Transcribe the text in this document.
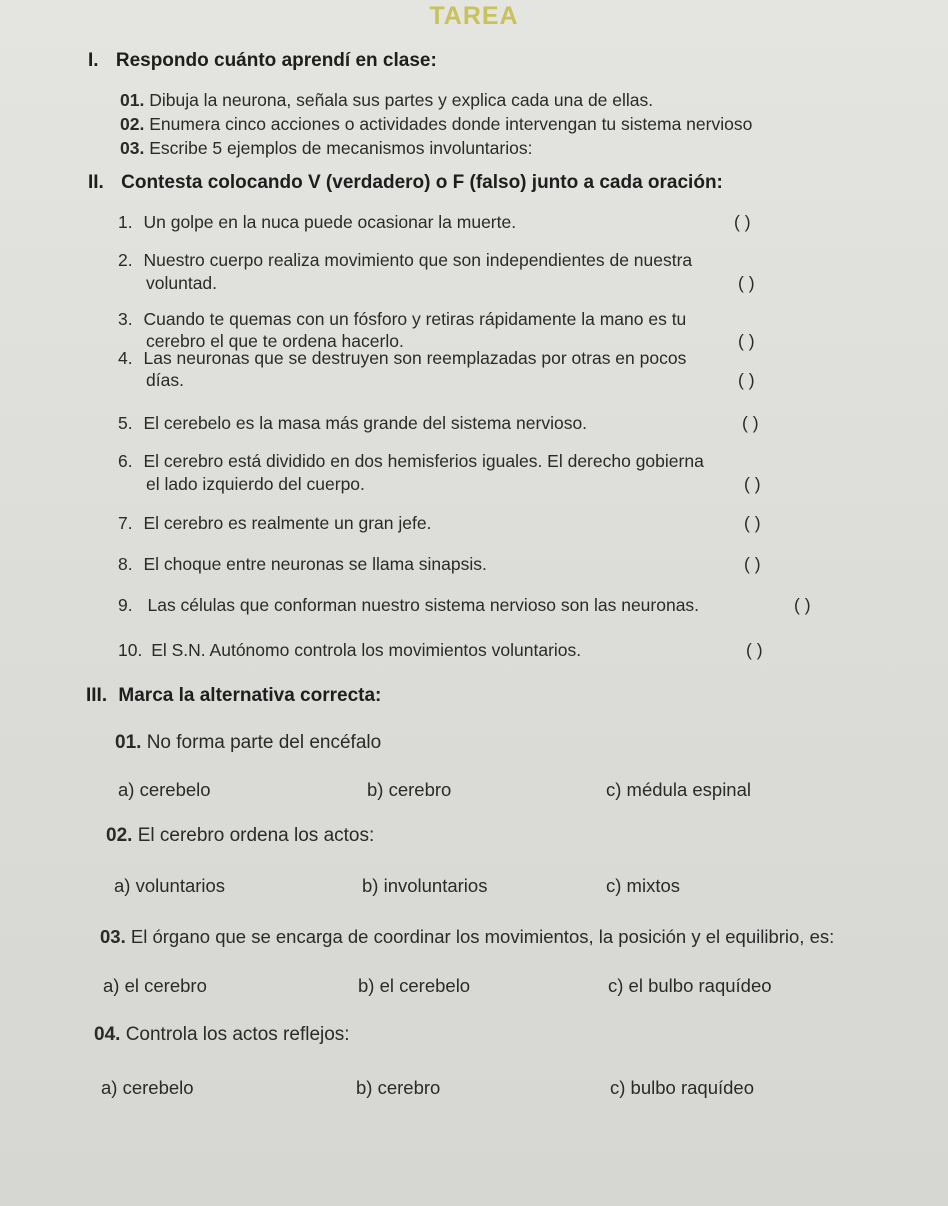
TAREA
I. Respondo cuánto aprendí en clase:
01. Dibuja la neurona, señala sus partes y explica cada una de ellas.
02. Enumera cinco acciones o actividades donde intervengan tu sistema nervioso
03. Escribe 5 ejemplos de mecanismos involuntarios:
II. Contesta colocando V (verdadero) o F (falso) junto a cada oración:
1. Un golpe en la nuca puede ocasionar la muerte.	( )
2. Nuestro cuerpo realiza movimiento que son independientes de nuestra
voluntad.	( )
3. Cuando te quemas con un fósforo y retiras rápidamente la mano es tu
cerebro el que te ordena hacerlo.	( )
4. Las neuronas que se destruyen son reemplazadas por otras en pocos
días.	( )
5. El cerebelo es la masa más grande del sistema nervioso.	( )
6. El cerebro está dividido en dos hemisferios iguales. El derecho gobierna
el lado izquierdo del cuerpo.	( )
7. El cerebro es realmente un gran jefe.	( )
8. El choque entre neuronas se llama sinapsis.	( )
9. Las células que conforman nuestro sistema nervioso son las neuronas.	( )
10. El S.N. Autónomo controla los movimientos voluntarios.	( )
III. Marca la alternativa correcta:
01. No forma parte del encéfalo
a) cerebelo	b) cerebro	c) médula espinal
02. El cerebro ordena los actos:
a) voluntarios	b) involuntarios	c) mixtos
03. El órgano que se encarga de coordinar los movimientos, la posición y el equilibrio, es:
a) el cerebro	b) el cerebelo	c) el bulbo raquídeo
04. Controla los actos reflejos:
a) cerebelo	b) cerebro	c) bulbo raquídeo
